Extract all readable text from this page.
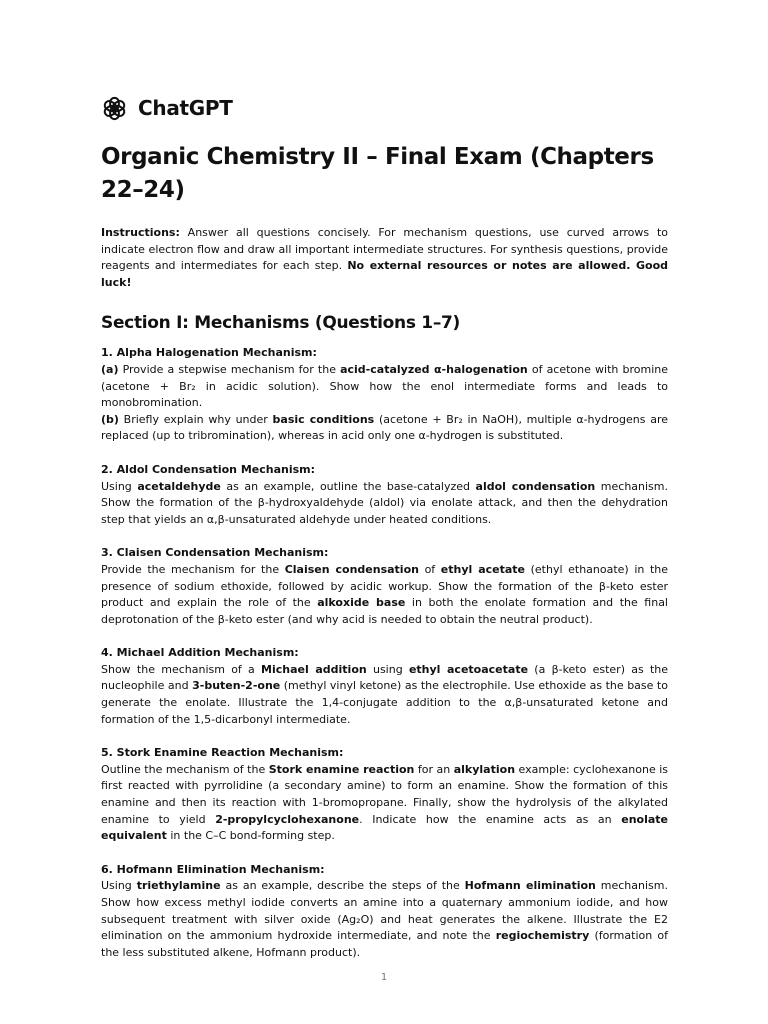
ChatGPT
Organic Chemistry II – Final Exam (Chapters 22–24)

Instructions: Answer all questions concisely. For mechanism questions, use curved arrows to indicate electron flow and draw all important intermediate structures. For synthesis questions, provide reagents and intermediates for each step. No external resources or notes are allowed. Good luck!

Section I: Mechanisms (Questions 1–7)

1. Alpha Halogenation Mechanism:

(a) Provide a stepwise mechanism for the acid-catalyzed α-halogenation of acetone with bromine (acetone + Br₂ in acidic solution). Show how the enol intermediate forms and leads to monobromination.

(b) Briefly explain why under basic conditions (acetone + Br₂ in NaOH), multiple α-hydrogens are replaced (up to tribromination), whereas in acid only one α-hydrogen is substituted.

2. Aldol Condensation Mechanism:

Using acetaldehyde as an example, outline the base-catalyzed aldol condensation mechanism. Show the formation of the β-hydroxyaldehyde (aldol) via enolate attack, and then the dehydration step that yields an α,β-unsaturated aldehyde under heated conditions.

3. Claisen Condensation Mechanism:

Provide the mechanism for the Claisen condensation of ethyl acetate (ethyl ethanoate) in the presence of sodium ethoxide, followed by acidic workup. Show the formation of the β-keto ester product and explain the role of the alkoxide base in both the enolate formation and the final deprotonation of the β-keto ester (and why acid is needed to obtain the neutral product).

4. Michael Addition Mechanism:

Show the mechanism of a Michael addition using ethyl acetoacetate (a β-keto ester) as the nucleophile and 3-buten-2-one (methyl vinyl ketone) as the electrophile. Use ethoxide as the base to generate the enolate. Illustrate the 1,4-conjugate addition to the α,β-unsaturated ketone and formation of the 1,5-dicarbonyl intermediate.

5. Stork Enamine Reaction Mechanism:

Outline the mechanism of the Stork enamine reaction for an alkylation example: cyclohexanone is first reacted with pyrrolidine (a secondary amine) to form an enamine. Show the formation of this enamine and then its reaction with 1-bromopropane. Finally, show the hydrolysis of the alkylated enamine to yield 2-propylcyclohexanone. Indicate how the enamine acts as an enolate equivalent in the C–C bond-forming step.

6. Hofmann Elimination Mechanism:

Using triethylamine as an example, describe the steps of the Hofmann elimination mechanism. Show how excess methyl iodide converts an amine into a quaternary ammonium iodide, and how subsequent treatment with silver oxide (Ag₂O) and heat generates the alkene. Illustrate the E2 elimination on the ammonium hydroxide intermediate, and note the regiochemistry (formation of the less substituted alkene, Hofmann product).

1
